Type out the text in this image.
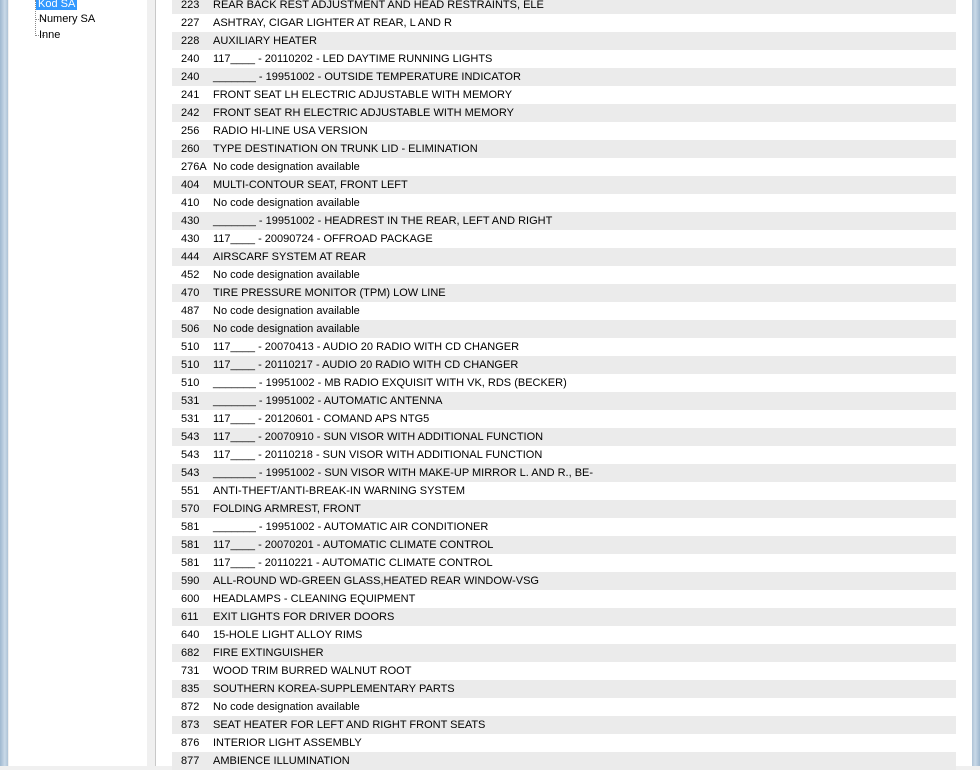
Kod SA
Numery SA
Inne
223	REAR BACK REST ADJUSTMENT AND HEAD RESTRAINTS, ELE
227	ASHTRAY, CIGAR LIGHTER AT REAR, L AND R
228	AUXILIARY HEATER
240	117____ - 20110202 - LED DAYTIME RUNNING LIGHTS
240	_______ - 19951002 - OUTSIDE TEMPERATURE INDICATOR
241	FRONT SEAT LH ELECTRIC ADJUSTABLE WITH MEMORY
242	FRONT SEAT RH ELECTRIC ADJUSTABLE WITH MEMORY
256	RADIO HI-LINE USA VERSION
260	TYPE DESTINATION ON TRUNK LID - ELIMINATION
276A No code designation available
404	MULTI-CONTOUR SEAT, FRONT LEFT
410	No code designation available
430	_______ - 19951002 - HEADREST IN THE REAR, LEFT AND RIGHT
430	117____ - 20090724 - OFFROAD PACKAGE
444	AIRSCARF SYSTEM AT REAR
452	No code designation available
470	TIRE PRESSURE MONITOR (TPM) LOW LINE
487	No code designation available
506	No code designation available
510	117____ - 20070413 - AUDIO 20 RADIO WITH CD CHANGER
510	117____ - 20110217 - AUDIO 20 RADIO WITH CD CHANGER
510	_______ - 19951002 - MB RADIO EXQUISIT WITH VK, RDS (BECKER)
531	_______ - 19951002 - AUTOMATIC ANTENNA
531	117____ - 20120601 - COMAND APS NTG5
543	117____ - 20070910 - SUN VISOR WITH ADDITIONAL FUNCTION
543	117____ - 20110218 - SUN VISOR WITH ADDITIONAL FUNCTION
543	_______ - 19951002 - SUN VISOR WITH MAKE-UP MIRROR L. AND R., BE-
551	ANTI-THEFT/ANTI-BREAK-IN WARNING SYSTEM
570	FOLDING ARMREST, FRONT
581	_______ - 19951002 - AUTOMATIC AIR CONDITIONER
581	117____ - 20070201 - AUTOMATIC CLIMATE CONTROL
581	117____ - 20110221 - AUTOMATIC CLIMATE CONTROL
590	ALL-ROUND WD-GREEN GLASS,HEATED REAR WINDOW-VSG
600	HEADLAMPS - CLEANING EQUIPMENT
611	EXIT LIGHTS FOR DRIVER DOORS
640	15-HOLE LIGHT ALLOY RIMS
682	FIRE EXTINGUISHER
731	WOOD TRIM BURRED WALNUT ROOT
835	SOUTHERN KOREA-SUPPLEMENTARY PARTS
872	No code designation available
873	SEAT HEATER FOR LEFT AND RIGHT FRONT SEATS
876	INTERIOR LIGHT ASSEMBLY
877	AMBIENCE ILLUMINATION
